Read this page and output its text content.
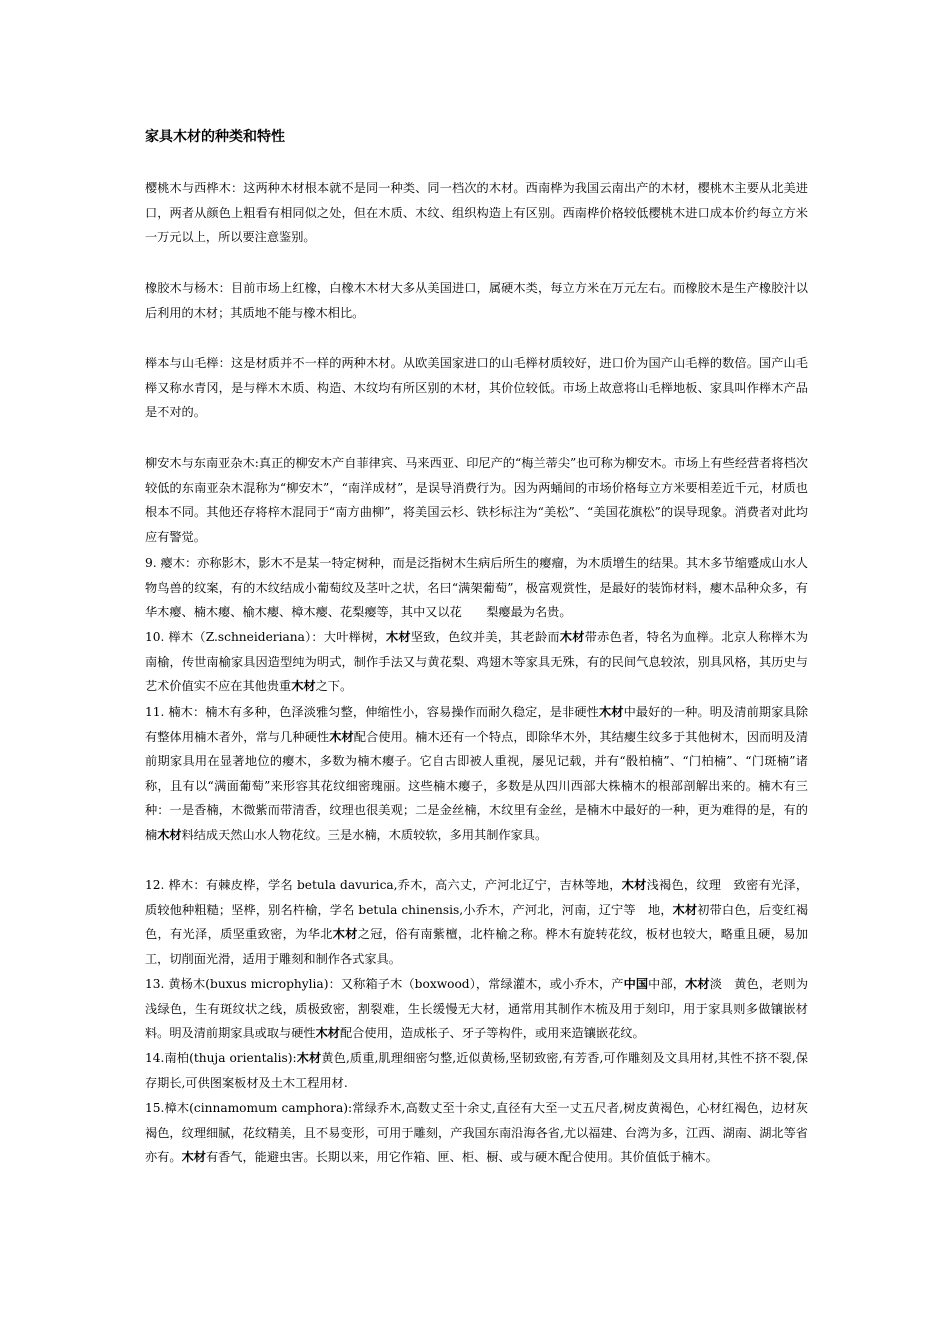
家具木材的种类和特性
樱桃木与西桦木：这两种木材根本就不是同一种类、同一档次的木材。西南桦为我国云南出产的木材，樱桃木主要从北美进口，两者从颜色上粗看有相同似之处，但在木质、木纹、组织构造上有区别。西南桦价格较低樱桃木进口成本价约每立方米一万元以上，所以要注意鉴别。
橡胶木与杨木：目前市场上红橡，白橡木木材大多从美国进口，属硬木类，每立方米在万元左右。而橡胶木是生产橡胶汁以后利用的木材；其质地不能与橡木相比。
榉本与山毛榉：这是材质并不一样的两种木材。从欧美国家进口的山毛榉材质较好，进口价为国产山毛榉的数倍。国产山毛榉又称水青冈，是与榉木木质、构造、木纹均有所区别的木材，其价位较低。市场上故意将山毛榉地板、家具叫作榉木产品是不对的。
柳安木与东南亚杂木:真正的柳安木产自菲律宾、马来西亚、印尼产的“梅兰蒂尖”也可称为柳安木。市场上有些经营者将档次较低的东南亚杂木混称为“柳安木”，“南洋成材”，是误导消费行为。因为两蛹间的市场价格每立方米要相差近千元，材质也根本不同。其他还存将梓木混同于“南方曲柳”，将美国云杉、铁杉标注为“美松”、“美国花旗松”的误导现象。消费者对此均应有警觉。
9. 瘿木：亦称影木，影木不是某一特定树种，而是泛指树木生病后所生的瘿瘤，为木质增生的结果。其木多节缩蹙成山水人物鸟兽的纹案，有的木纹结成小葡萄纹及茎叶之状，名曰“满架葡萄”，极富观赏性，是最好的装饰材料，瘿木品种众多，有华木瘿、楠木瘿、榆木瘿、樟木瘿、花梨瘿等，其中又以花　　梨瘿最为名贵。
10. 榉木（Z.schneideriana）：大叶榉树，木材坚致，色纹并美，其老龄而木材带赤色者，特名为血榉。北京人称榉木为南榆，传世南榆家具因造型纯为明式，制作手法又与黄花梨、鸡翅木等家具无殊，有的民间气息较浓，别具风格，其历史与艺术价值实不应在其他贵重木材之下。
11. 楠木：楠木有多种，色泽淡雅匀整，伸缩性小，容易操作而耐久稳定，是非硬性木材中最好的一种。明及清前期家具除有整体用楠木者外，常与几种硬性木材配合使用。楠木还有一个特点，即除华木外，其结瘿生纹多于其他树木，因而明及清前期家具用在显著地位的瘿木，多数为楠木瘿子。它自古即被人重视，屡见记载，并有“骰柏楠”、“门柏楠”、“门斑楠”诸称，且有以“满面葡萄”来形容其花纹细密瑰丽。这些楠木瘿子，多数是从四川西部大株楠木的根部剖解出来的。楠木有三种：一是香楠，木微紫而带清香，纹理也很美观；二是金丝楠，木纹里有金丝，是楠木中最好的一种，更为难得的是，有的楠木材料结成天然山水人物花纹。三是水楠，木质较软，多用其制作家具。
12. 桦木：有棘皮桦，学名 betula davurica,乔木，高六丈，产河北辽宁，吉林等地，木材浅褐色，纹理　致密有光泽，质较他种粗糙；坚桦，别名杵榆，学名 betula chinensis,小乔木，产河北，河南，辽宁等　地，木材初带白色，后变红褐色，有光泽，质坚重致密，为华北木材之冠，俗有南紫檀，北杵榆之称。桦木有旋转花纹，板材也较大，略重且硬，易加工，切削面光滑，适用于雕刻和制作各式家具。
13. 黄杨木(buxus microphylia)：又称箱子木（boxwood），常绿灌木，或小乔木，产中国中部，木材淡　黄色，老则为浅绿色，生有斑纹状之线，质极致密，割裂难，生长缓慢无大材，通常用其制作木梳及用于刻印，用于家具则多做镶嵌材料。明及清前期家具或取与硬性木材配合使用，造成枨子、牙子等构件，或用来造镶嵌花纹。
14.南柏(thuja orientalis):木材黄色,质重,肌理细密匀整,近似黄杨,坚韧致密,有芳香,可作雕刻及文具用材,其性不挤不裂,保存期长,可供图案板材及土木工程用材.
15.樟木(cinnamomum camphora):常绿乔木,高数丈至十余丈,直径有大至一丈五尺者,树皮黄褐色，心材红褐色，边材灰褐色，纹理细腻，花纹精美，且不易变形，可用于雕刻，产我国东南沿海各省,尤以福建、台湾为多，江西、湖南、湖北等省亦有。木材有香气，能避虫害。长期以来，用它作箱、匣、柜、橱、或与硬木配合使用。其价值低于楠木。
